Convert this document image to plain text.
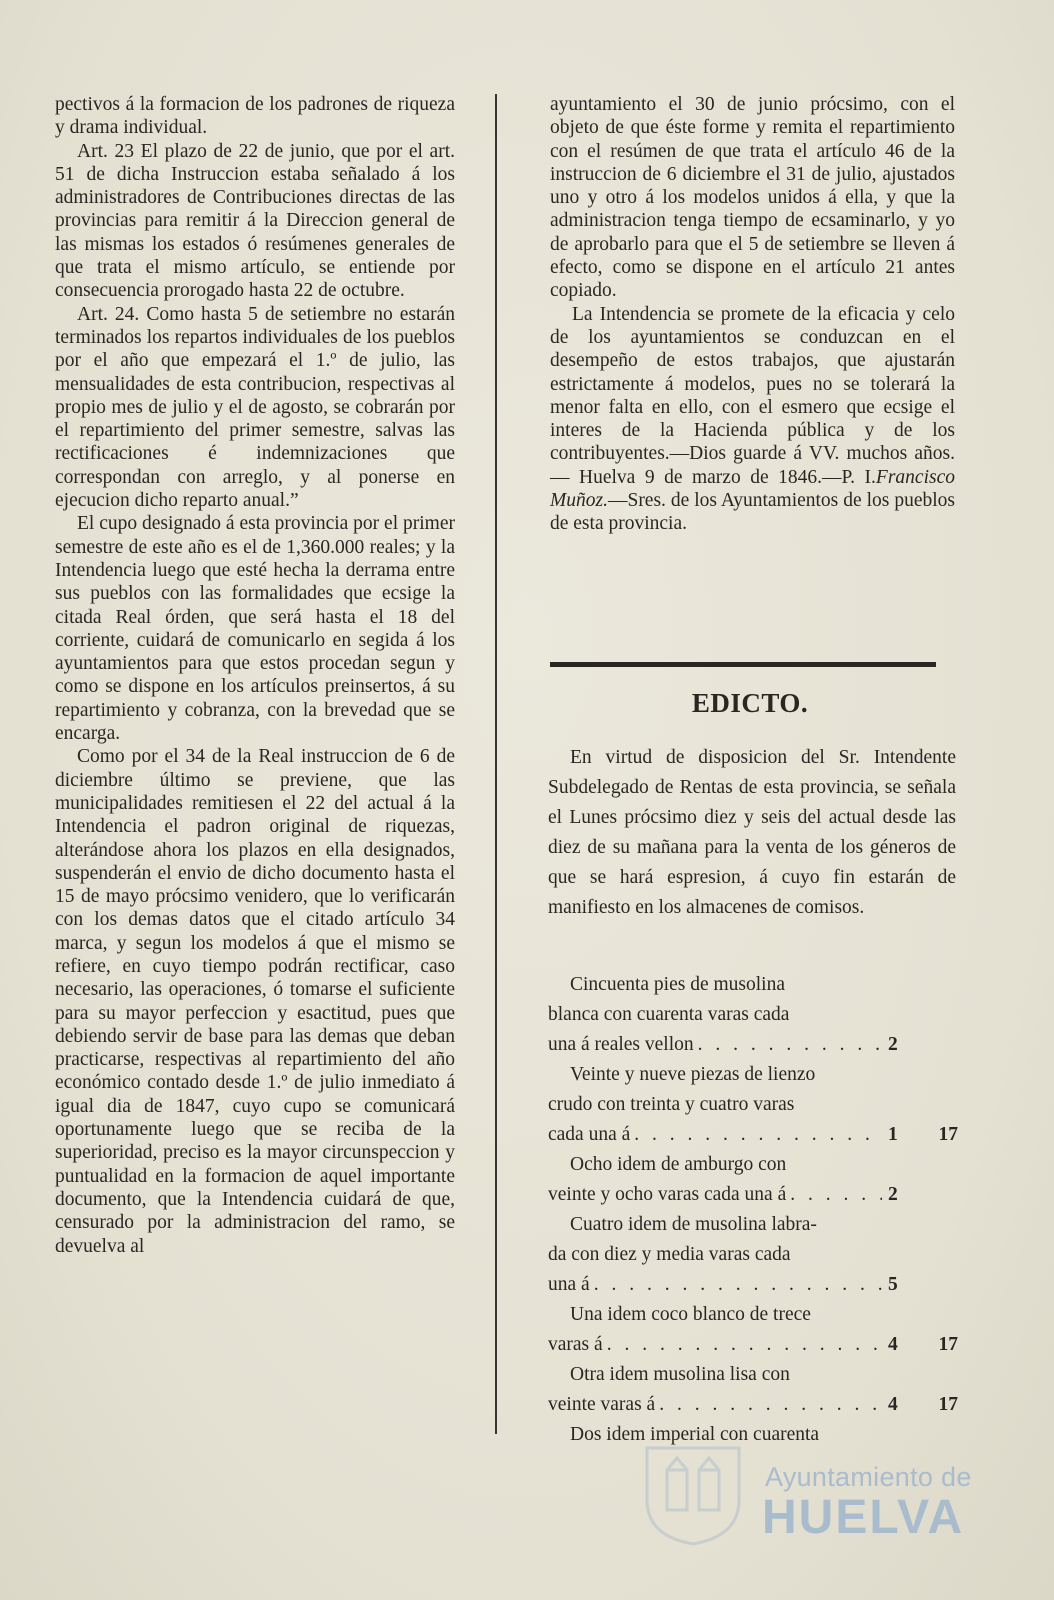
pectivos á la formacion de los padrones de riqueza y drama individual.

Art. 23 El plazo de 22 de junio, que por el art. 51 de dicha Instruccion estaba señalado á los administradores de Contribuciones directas de las provincias para remitir á la Direccion general de las mismas los estados ó resúmenes generales de que trata el mismo artículo, se entiende por consecuencia prorogado hasta 22 de octubre.

Art. 24. Como hasta 5 de setiembre no estarán terminados los repartos individuales de los pueblos por el año que empezará el 1.º de julio, las mensualidades de esta contribucion, respectivas al propio mes de julio y el de agosto, se cobrarán por el repartimiento del primer semestre, salvas las rectificaciones é indemnizaciones que correspondan con arreglo, y al ponerse en ejecucion dicho reparto anual.”

El cupo designado á esta provincia por el primer semestre de este año es el de 1,360.000 reales; y la Intendencia luego que esté hecha la derrama entre sus pueblos con las formalidades que ecsige la citada Real órden, que será hasta el 18 del corriente, cuidará de comunicarlo en segida á los ayuntamientos para que estos procedan segun y como se dispone en los artículos preinsertos, á su repartimiento y cobranza, con la brevedad que se encarga.

Como por el 34 de la Real instruccion de 6 de diciembre último se previene, que las municipalidades remitiesen el 22 del actual á la Intendencia el padron original de riquezas, alterándose ahora los plazos en ella designados, suspenderán el envio de dicho documento hasta el 15 de mayo prócsimo venidero, que lo verificarán con los demas datos que el citado artículo 34 marca, y segun los modelos á que el mismo se refiere, en cuyo tiempo podrán rectificar, caso necesario, las operaciones, ó tomarse el suficiente para su mayor perfeccion y esactitud, pues que debiendo servir de base para las demas que deban practicarse, respectivas al repartimiento del año económico contado desde 1.º de julio inmediato á igual dia de 1847, cuyo cupo se comunicará oportunamente luego que se reciba de la superioridad, preciso es la mayor circunspeccion y puntualidad en la formacion de aquel importante documento, que la Intendencia cuidará de que, censurado por la administracion del ramo, se devuelva al

ayuntamiento el 30 de junio prócsimo, con el objeto de que éste forme y remita el repartimiento con el resúmen de que trata el artículo 46 de la instruccion de 6 diciembre el 31 de julio, ajustados uno y otro á los modelos unidos á ella, y que la administracion tenga tiempo de ecsaminarlo, y yo de aprobarlo para que el 5 de setiembre se lleven á efecto, como se dispone en el artículo 21 antes copiado.

La Intendencia se promete de la eficacia y celo de los ayuntamientos se conduzcan en el desempeño de estos trabajos, que ajustarán estrictamente á modelos, pues no se tolerará la menor falta en ello, con el esmero que ecsige el interes de la Hacienda pública y de los contribuyentes.—Dios guarde á VV. muchos años.— Huelva 9 de marzo de 1846.—P. I.Francisco Muñoz.—Sres. de los Ayuntamientos de los pueblos de esta provincia.

EDICTO.

En virtud de disposicion del Sr. Intendente Subdelegado de Rentas de esta provincia, se señala el Lunes prócsimo diez y seis del actual desde las diez de su mañana para la venta de los géneros de que se hará espresion, á cuyo fin estarán de manifiesto en los almacenes de comisos.

Cincuenta pies de musolina
blanca con cuarenta varas cada
una á reales vellon . . .	2
Veinte y nueve piezas de lienzo
crudo con treinta y cuatro varas
cada una á . . .	1	17
Ocho idem de amburgo con
veinte y ocho varas cada una á . . .	2
Cuatro idem de musolina labra-
da con diez y media varas cada
una á . . .	5
Una idem coco blanco de trece
varas á . . .	4	17
Otra idem musolina lisa con
veinte varas á . . .	4	17
Dos idem imperial con cuarenta
Ayuntamiento de
HUELVA
